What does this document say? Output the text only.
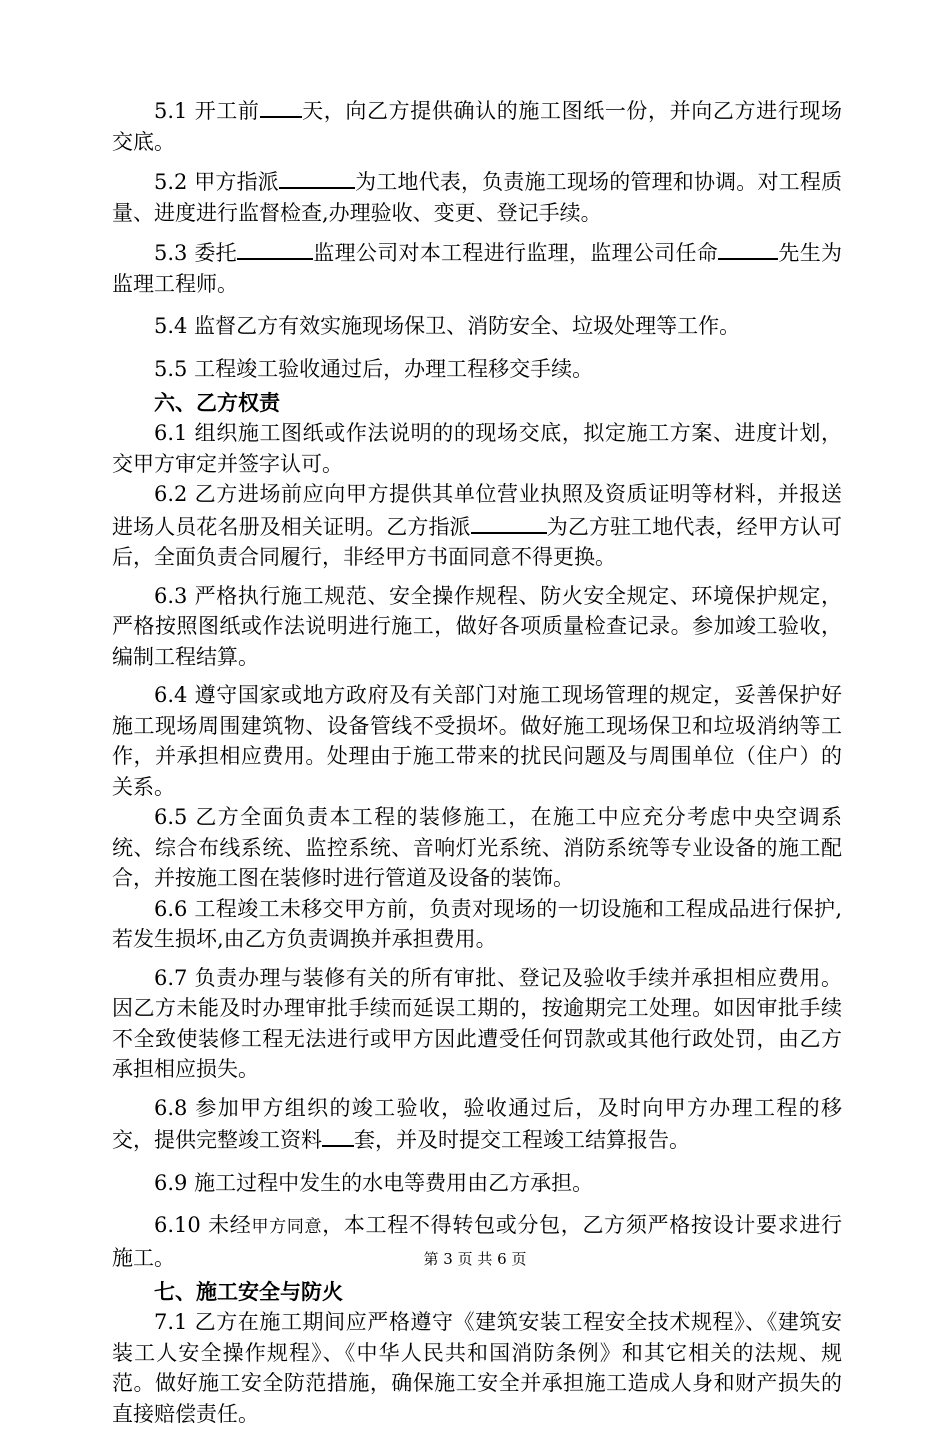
5.1 开工前 天，向乙方提供确认的施工图纸一份，并向乙方进行现场交底。

5.2 甲方指派	为工地代表，负责施工现场的管理和协调。对工程质量、进度进行监督检查,办理验收、变更、登记手续。

5.3 委托	监理公司对本工程进行监理，监理公司任命	先生为监理工程师。

5.4 监督乙方有效实施现场保卫、消防安全、垃圾处理等工作。

5.5 工程竣工验收通过后，办理工程移交手续。

六、乙方权责

6.1 组织施工图纸或作法说明的的现场交底，拟定施工方案、进度计划，交甲方审定并签字认可。

6.2 乙方进场前应向甲方提供其单位营业执照及资质证明等材料，并报送进场人员花名册及相关证明。乙方指派	为乙方驻工地代表，经甲方认可后，全面负责合同履行，非经甲方书面同意不得更换。

6.3 严格执行施工规范、安全操作规程、防火安全规定、环境保护规定，严格按照图纸或作法说明进行施工，做好各项质量检查记录。参加竣工验收，编制工程结算。

6.4 遵守国家或地方政府及有关部门对施工现场管理的规定，妥善保护好施工现场周围建筑物、设备管线不受损坏。做好施工现场保卫和垃圾消纳等工作，并承担相应费用。处理由于施工带来的扰民问题及与周围单位（住户）的关系。

6.5 乙方全面负责本工程的装修施工，在施工中应充分考虑中央空调系统、综合布线系统、监控系统、音响灯光系统、消防系统等专业设备的施工配合，并按施工图在装修时进行管道及设备的装饰。

6.6 工程竣工未移交甲方前，负责对现场的一切设施和工程成品进行保护,若发生损坏,由乙方负责调换并承担费用。

6.7 负责办理与装修有关的所有审批、登记及验收手续并承担相应费用。因乙方未能及时办理审批手续而延误工期的，按逾期完工处理。如因审批手续不全致使装修工程无法进行或甲方因此遭受任何罚款或其他行政处罚，由乙方承担相应损失。

6.8 参加甲方组织的竣工验收，验收通过后，及时向甲方办理工程的移交，提供完整竣工资料 套，并及时提交工程竣工结算报告。

6.9 施工过程中发生的水电等费用由乙方承担。

6.10 未经甲方同意，本工程不得转包或分包，乙方须严格按设计要求进行施工。

七、施工安全与防火

7.1 乙方在施工期间应严格遵守《建筑安装工程安全技术规程》、《建筑安装工人安全操作规程》、《中华人民共和国消防条例》和其它相关的法规、规范。做好施工安全防范措施，确保施工安全并承担施工造成人身和财产损失的直接赔偿责任。

第 3 页 共 6 页
